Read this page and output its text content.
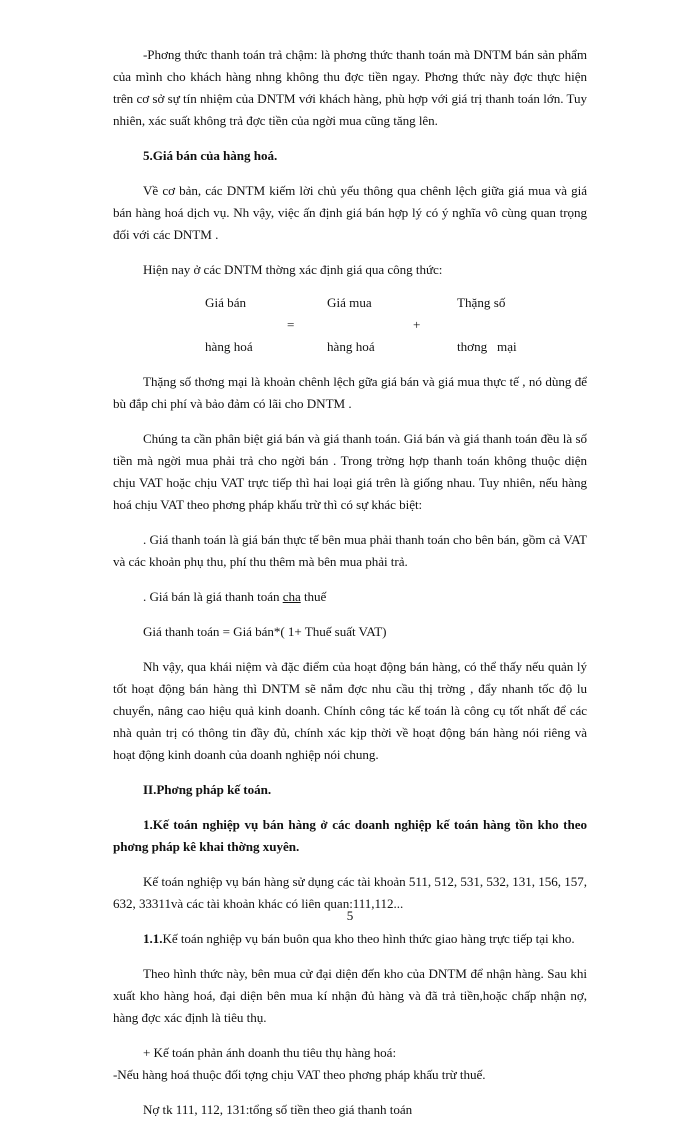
-Phơng thức thanh toán trả chậm: là phơng thức thanh toán mà DNTM bán sản phẩm của mình cho khách hàng nhng không thu đợc tiền ngay. Phơng thức này đợc thực hiện trên cơ sở sự tín nhiệm của DNTM với khách hàng, phù hợp với giá trị thanh toán lớn. Tuy nhiên, xác suất không trả đợc tiền của ngời mua cũng tăng lên.

5.Giá bán của hàng hoá.

Về cơ bản, các DNTM kiếm lời chủ yếu thông qua chênh lệch giữa giá mua và giá bán hàng hoá dịch vụ. Nh vậy, việc ấn định giá bán hợp lý có ý nghĩa vô cùng quan trọng đối với các DNTM .

Hiện nay ở các DNTM thờng xác định giá qua công thức:

Giá bán	Giá mua	Thặng số
=	+
hàng hoá	hàng hoá	thơng   mại

Thặng số thơng mại là khoản chênh lệch gữa giá bán và giá mua thực tế , nó dùng để bù đắp chi phí và bảo đảm có lãi cho DNTM .

Chúng ta cần phân biệt giá bán và giá thanh toán. Giá bán và giá thanh toán đều là số tiền mà ngời mua phải trả cho ngời bán . Trong trờng hợp thanh toán không thuộc diện chịu VAT hoặc chịu VAT trực tiếp thì hai loại giá trên là giống nhau. Tuy nhiên, nếu hàng hoá chịu VAT theo phơng pháp khấu trừ thì có sự khác biệt:

. Giá thanh toán là giá bán thực tế bên mua phải thanh toán cho bên bán, gồm cả VAT và các khoản phụ thu, phí thu thêm mà bên mua phải trả.

. Giá bán là giá thanh toán cha thuế

Giá thanh toán = Giá bán*( 1+ Thuế suất VAT)

Nh vậy, qua khái niệm và đặc điểm của hoạt động bán hàng, có thể thấy nếu quản lý tốt hoạt động bán hàng thì DNTM sẽ nắm đợc nhu cầu thị trờng , đẩy nhanh tốc độ lu chuyển, nâng cao hiệu quả kinh doanh. Chính công tác kế toán là công cụ tốt nhất để các nhà quản trị có thông tin đầy đủ, chính xác kịp thời về hoạt động bán hàng nói riêng và hoạt động kinh doanh của doanh nghiệp nói chung.

II.Phơng pháp kế toán.

1.Kế toán nghiệp vụ bán hàng ở các doanh nghiệp kế toán hàng tồn kho theo phơng pháp kê khai thờng xuyên.

Kế toán nghiệp vụ bán hàng sử dụng các tài khoản 511, 512, 531, 532, 131, 156, 157, 632, 33311và các tài khoản khác có liên quan:111,112...

1.1.Kế toán nghiệp vụ bán buôn qua kho theo hình thức giao hàng trực tiếp tại kho.

Theo hình thức này, bên mua cử đại diện đến kho của DNTM để nhận hàng. Sau khi xuất kho hàng hoá, đại diện bên mua kí nhận đủ hàng và đã trả tiền,hoặc chấp nhận nợ, hàng đợc xác định là tiêu thụ.

+ Kế toán phản ánh doanh thu tiêu thụ hàng hoá:

-Nếu hàng hoá thuộc đối tợng chịu VAT theo phơng pháp khấu trừ thuế.

Nợ tk 111, 112, 131:tổng số tiền theo giá thanh toán

5
